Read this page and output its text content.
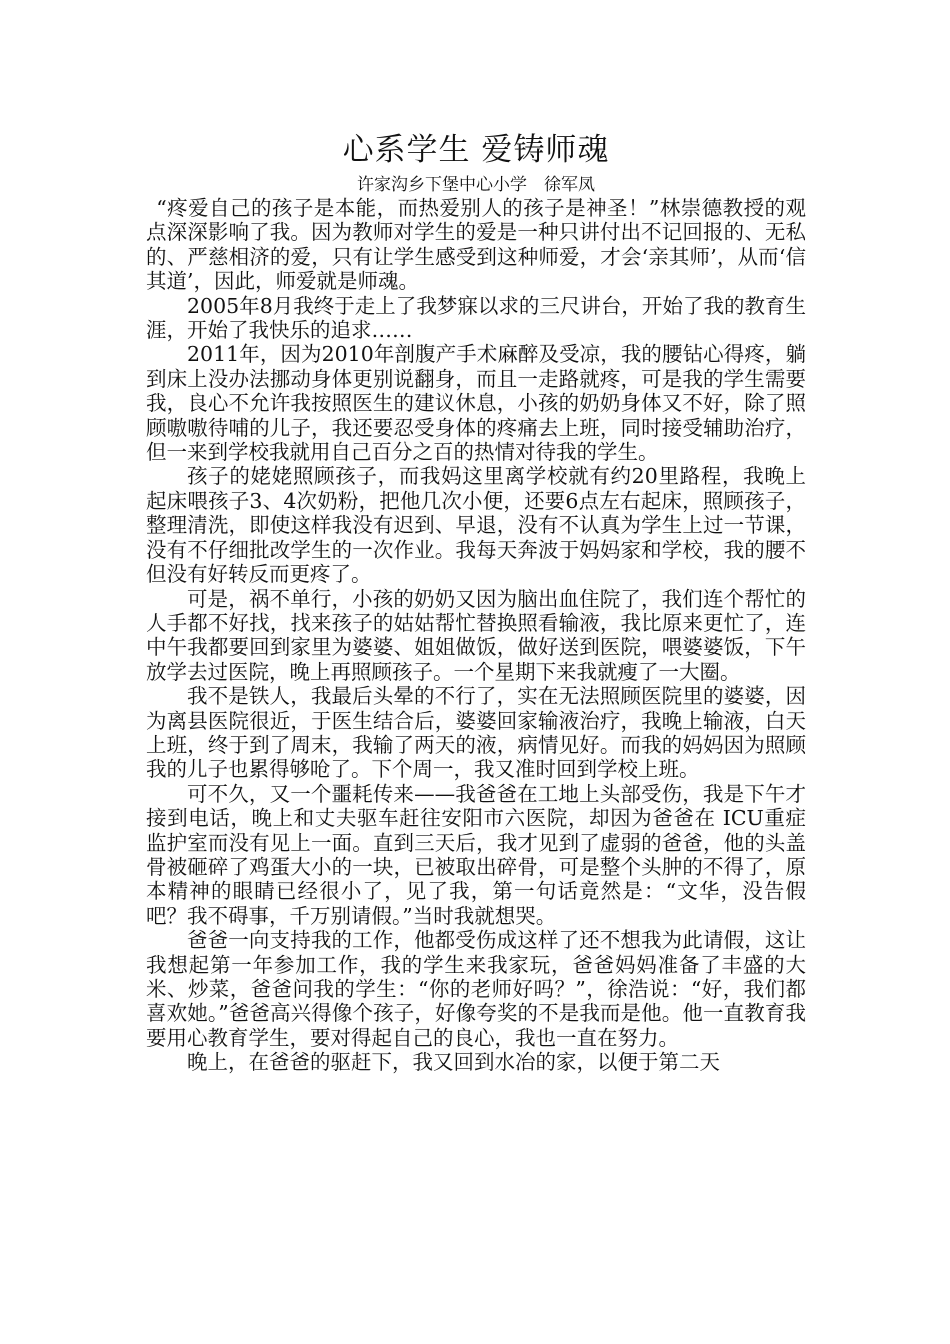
心系学生 爱铸师魂
许家沟乡下堡中心小学　徐军凤

“疼爱自己的孩子是本能，而热爱别人的孩子是神圣！”林崇德教授的观点深深影响了我。因为教师对学生的爱是一种只讲付出不记回报的、无私的、严慈相济的爱，只有让学生感受到这种师爱，才会‘亲其师’，从而‘信其道’，因此，师爱就是师魂。

2005年8月我终于走上了我梦寐以求的三尺讲台，开始了我的教育生涯，开始了我快乐的追求……

2011年，因为2010年剖腹产手术麻醉及受凉，我的腰钻心得疼，躺到床上没办法挪动身体更别说翻身，而且一走路就疼，可是我的学生需要我，良心不允许我按照医生的建议休息，小孩的奶奶身体又不好，除了照顾嗷嗷待哺的儿子，我还要忍受身体的疼痛去上班，同时接受辅助治疗，但一来到学校我就用自己百分之百的热情对待我的学生。

孩子的姥姥照顾孩子，而我妈这里离学校就有约20里路程，我晚上起床喂孩子3、4次奶粉，把他几次小便，还要6点左右起床，照顾孩子，整理清洗，即使这样我没有迟到、早退，没有不认真为学生上过一节课，没有不仔细批改学生的一次作业。我每天奔波于妈妈家和学校，我的腰不但没有好转反而更疼了。

可是，祸不单行，小孩的奶奶又因为脑出血住院了，我们连个帮忙的人手都不好找，找来孩子的姑姑帮忙替换照看输液，我比原来更忙了，连中午我都要回到家里为婆婆、姐姐做饭，做好送到医院，喂婆婆饭，下午放学去过医院，晚上再照顾孩子。一个星期下来我就瘦了一大圈。

我不是铁人，我最后头晕的不行了，实在无法照顾医院里的婆婆，因为离县医院很近，于医生结合后，婆婆回家输液治疗，我晚上输液，白天上班，终于到了周末，我输了两天的液，病情见好。而我的妈妈因为照顾我的儿子也累得够呛了。下个周一，我又准时回到学校上班。

可不久，又一个噩耗传来——我爸爸在工地上头部受伤，我是下午才接到电话，晚上和丈夫驱车赶往安阳市六医院，却因为爸爸在 ICU重症监护室而没有见上一面。直到三天后，我才见到了虚弱的爸爸，他的头盖骨被砸碎了鸡蛋大小的一块，已被取出碎骨，可是整个头肿的不得了，原本精神的眼睛已经很小了，见了我，第一句话竟然是：“文华，没告假吧？我不碍事，千万别请假。”当时我就想哭。

爸爸一向支持我的工作，他都受伤成这样了还不想我为此请假，这让我想起第一年参加工作，我的学生来我家玩，爸爸妈妈准备了丰盛的大米、炒菜，爸爸问我的学生：“你的老师好吗？”，徐浩说：“好，我们都喜欢她。”爸爸高兴得像个孩子，好像夸奖的不是我而是他。他一直教育我要用心教育学生，要对得起自己的良心，我也一直在努力。

晚上，在爸爸的驱赶下，我又回到水冶的家，以便于第二天
